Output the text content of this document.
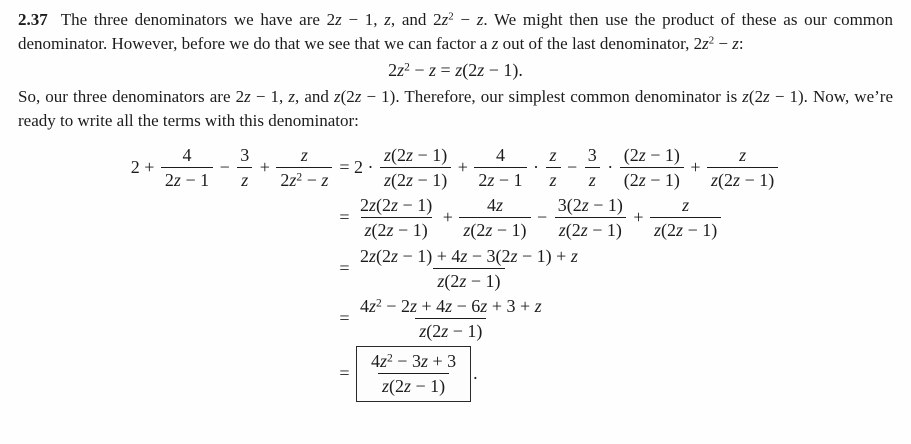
2.37 The three denominators we have are 2z − 1, z, and $2z^2 - z$. We might then use the product of these as our common denominator. However, before we do that we see that we can factor a z out of the last denominator, $2z^2 - z$:

$2z^2 - z = z(2z - 1)$.

So, our three denominators are 2z − 1, z, and z(2z − 1). Therefore, our simplest common denominator is z(2z − 1). Now, we’re ready to write all the terms with this denominator:

$2 + \frac{4}{2z - 1} - \frac{3}{z} + \frac{z}{2z^2 - z}$	= $2 \cdot \frac{z(2z - 1)}{z(2z - 1)} + \frac{4}{2z - 1} \cdot \frac{z}{z} - \frac{3}{z} \cdot \frac{(2z - 1)}{(2z - 1)} + \frac{z}{z(2z - 1)}$

= $\frac{2z(2z - 1)}{z(2z - 1)} + \frac{4z}{z(2z - 1)} - \frac{3(2z - 1)}{z(2z - 1)} + \frac{z}{z(2z - 1)}$

= $\frac{2z(2z - 1) + 4z - 3(2z - 1) + z}{z(2z - 1)}$

= $\frac{4z^2 - 2z + 4z - 6z + 3 + z}{z(2z - 1)}$

= $\frac{4z^2 - 3z + 3}{z(2z - 1)}$ .
